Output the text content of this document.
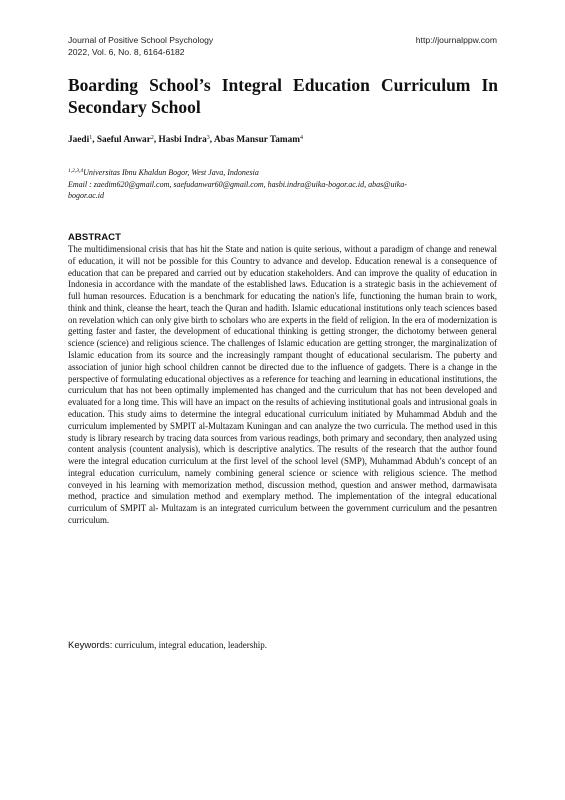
Journal of Positive School Psychology
2022, Vol. 6, No. 8, 6164-6182
http://journalppw.com
Boarding School’s Integral Education Curriculum In
Secondary School
Jaedi$^1$, Saeful Anwar$^2$, Hasbi Indra$^3$, Abas Mansur Tamam$^4$
$^{1,2,3,4}$Universitas Ibnu Khaldun Bogor, West Java, Indonesia
Email : zaedim620@gmail.com, saefudanwar60@gmail.com, hasbi.indra@uika-bogor.ac.id, abas@uika-
bogor.ac.id
ABSTRACT

The multidimensional crisis that has hit the State and nation is quite serious, without a paradigm of change and renewal of education, it will not be possible for this Country to advance and develop. Education renewal is a consequence of education that can be prepared and carried out by education stakeholders. And can improve the quality of education in Indonesia in accordance with the mandate of the established laws. Education is a strategic basis in the achievement of full human resources. Education is a benchmark for educating the nation's life, functioning the human brain to work, think and think, cleanse the heart, teach the Quran and hadith. Islamic educational institutions only teach sciences based on revelation which can only give birth to scholars who are experts in the field of religion. In the era of modernization is getting faster and faster, the development of educational thinking is getting stronger, the dichotomy between general science (science) and religious science. The challenges of Islamic education are getting stronger, the marginalization of Islamic education from its source and the increasingly rampant thought of educational secularism. The puberty and association of junior high school children cannot be directed due to the influence of gadgets. There is a change in the perspective of formulating educational objectives as a reference for teaching and learning in educational institutions, the curriculum that has not been optimally implemented has changed and the curriculum that has not been developed and evaluated for a long time. This will have an impact on the results of achieving institutional goals and intrusional goals in education. This study aims to determine the integral educational curriculum initiated by Muhammad Abduh and the curriculum implemented by SMPIT al-Multazam Kuningan and can analyze the two curricula. The method used in this study is library research by tracing data sources from various readings, both primary and secondary, then analyzed using content analysis (countent analysis), which is descriptive analytics. The results of the research that the author found were the integral education curriculum at the first level of the school level (SMP), Muhammad Abduh’s concept of an integral education curriculum, namely combining general science or science with religious science. The method conveyed in his learning with memorization method, discussion method, question and answer method, darmawisata method, practice and simulation method and exemplary method. The implementation of the integral educational curriculum of SMPIT al- Multazam is an integrated curriculum between the government curriculum and the pesantren curriculum.

Keywords: curriculum, integral education, leadership.
